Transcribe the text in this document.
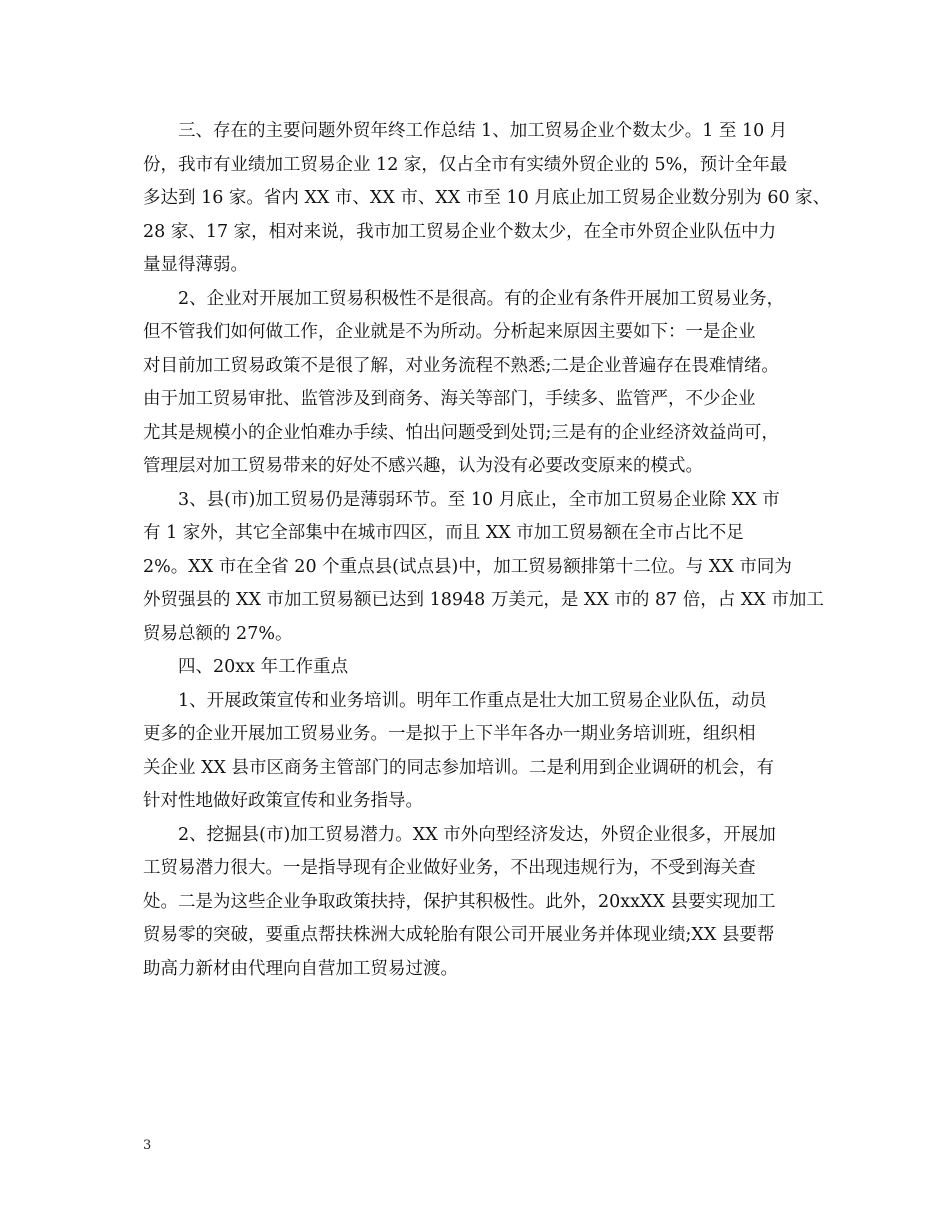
三、存在的主要问题外贸年终工作总结 1、加工贸易企业个数太少。1 至 10 月
份，我市有业绩加工贸易企业 12 家，仅占全市有实绩外贸企业的 5%，预计全年最
多达到 16 家。省内 XX 市、XX 市、XX 市至 10 月底止加工贸易企业数分别为 60 家、
28 家、17 家，相对来说，我市加工贸易企业个数太少，在全市外贸企业队伍中力
量显得薄弱。
2、企业对开展加工贸易积极性不是很高。有的企业有条件开展加工贸易业务，
但不管我们如何做工作，企业就是不为所动。分析起来原因主要如下：一是企业
对目前加工贸易政策不是很了解，对业务流程不熟悉;二是企业普遍存在畏难情绪。
由于加工贸易审批、监管涉及到商务、海关等部门，手续多、监管严，不少企业
尤其是规模小的企业怕难办手续、怕出问题受到处罚;三是有的企业经济效益尚可，
管理层对加工贸易带来的好处不感兴趣，认为没有必要改变原来的模式。
3、县(市)加工贸易仍是薄弱环节。至 10 月底止，全市加工贸易企业除 XX 市
有 1 家外，其它全部集中在城市四区，而且 XX 市加工贸易额在全市占比不足
2%。XX 市在全省 20 个重点县(试点县)中，加工贸易额排第十二位。与 XX 市同为
外贸强县的 XX 市加工贸易额已达到 18948 万美元，是 XX 市的 87 倍，占 XX 市加工
贸易总额的 27%。
四、20xx 年工作重点
1、开展政策宣传和业务培训。明年工作重点是壮大加工贸易企业队伍，动员
更多的企业开展加工贸易业务。一是拟于上下半年各办一期业务培训班，组织相
关企业 XX 县市区商务主管部门的同志参加培训。二是利用到企业调研的机会，有
针对性地做好政策宣传和业务指导。
2、挖掘县(市)加工贸易潜力。XX 市外向型经济发达，外贸企业很多，开展加
工贸易潜力很大。一是指导现有企业做好业务，不出现违规行为，不受到海关查
处。二是为这些企业争取政策扶持，保护其积极性。此外，20xxXX 县要实现加工
贸易零的突破，要重点帮扶株洲大成轮胎有限公司开展业务并体现业绩;XX 县要帮
助高力新材由代理向自营加工贸易过渡。
3
